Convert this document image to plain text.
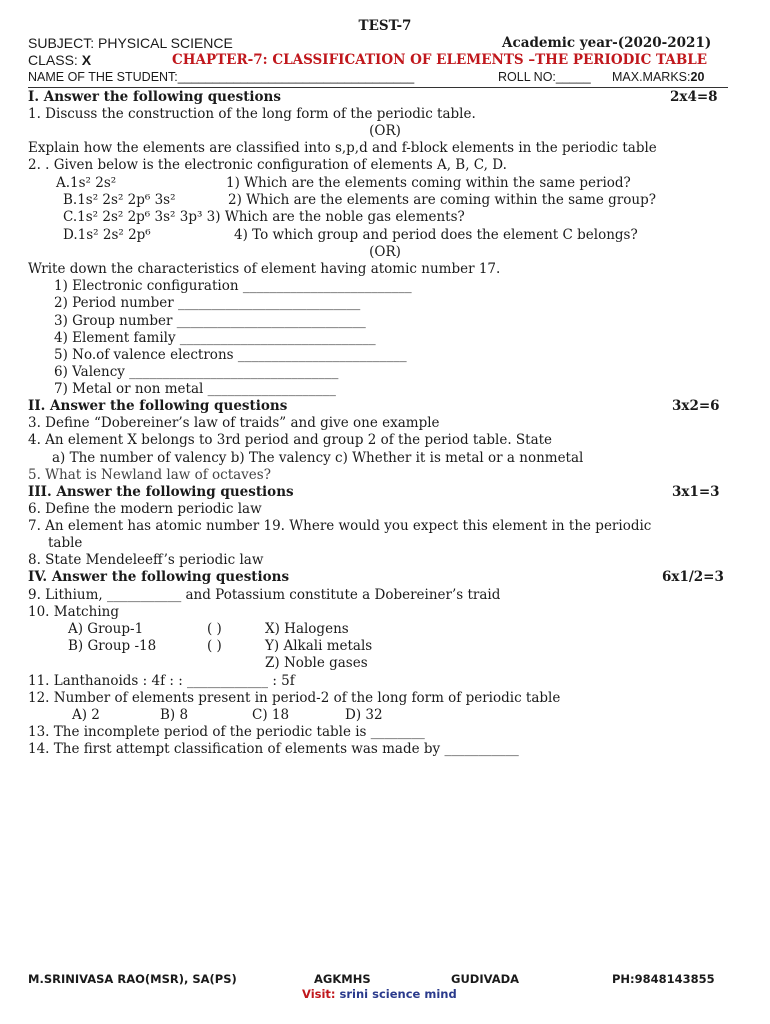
TEST-7
SUBJECT: PHYSICAL SCIENCE	Academic year-(2020-2021)
CLASS: X	CHAPTER-7: CLASSIFICATION OF ELEMENTS –THE PERIODIC TABLE
NAME OF THE STUDENT:__________________________________	ROLL NO:_____ MAX.MARKS:20
I. Answer the following questions	2x4=8
1. Discuss the construction of the long form of the periodic table.
(OR)
Explain how the elements are classified into s,p,d and f-block elements in the periodic table
2. . Given below is the electronic configuration of elements A, B, C, D.
A.1s² 2s²	1) Which are the elements coming within the same period?
B.1s² 2s² 2p⁶ 3s²	2) Which are the elements are coming within the same group?
C.1s² 2s² 2p⁶ 3s² 3p³ 3) Which are the noble gas elements?
D.1s² 2s² 2p⁶	4) To which group and period does the element C belongs?
(OR)
Write down the characteristics of element having atomic number 17.
1) Electronic configuration _________________________
2) Period number ___________________________
3) Group number ____________________________
4) Element family _____________________________
5) No.of valence electrons _________________________
6) Valency _______________________________
7) Metal or non metal ___________________
II. Answer the following questions	3x2=6
3. Define “Dobereiner’s law of traids” and give one example
4. An element X belongs to 3rd period and group 2 of the period table. State
a) The number of valency b) The valency c) Whether it is metal or a nonmetal
5. What is Newland law of octaves?
III. Answer the following questions	3x1=3
6. Define the modern periodic law
7. An element has atomic number 19. Where would you expect this element in the periodic
table
8. State Mendeleeff’s periodic law
IV. Answer the following questions	6x1/2=3
9. Lithium, ___________ and Potassium constitute a Dobereiner’s traid
10. Matching
A) Group-1	( )	X) Halogens
B) Group -18	( )	Y) Alkali metals
Z) Noble gases
11. Lanthanoids : 4f : : ____________ : 5f
12. Number of elements present in period-2 of the long form of periodic table
A) 2	B) 8	C) 18	D) 32
13. The incomplete period of the periodic table is ________
14. The first attempt classification of elements was made by ___________
M.SRINIVASA RAO(MSR), SA(PS)	AGKMHS	GUDIVADA	PH:9848143855
Visit: srini science mind
